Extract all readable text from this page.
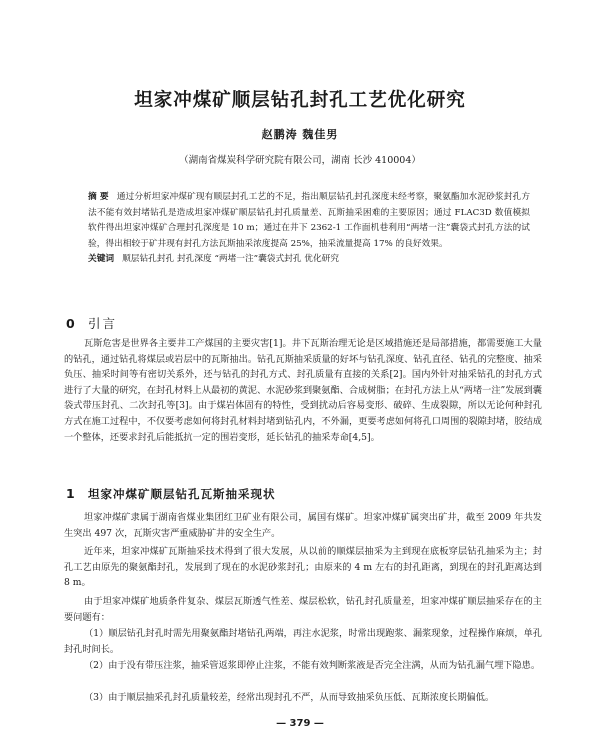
坦家冲煤矿顺层钻孔封孔工艺优化研究
赵鹏涛 魏佳男
（湖南省煤炭科学研究院有限公司，湖南 长沙 410004）
摘 要 通过分析坦家冲煤矿现有顺层封孔工艺的不足，指出顺层钻孔封孔深度未经考察，聚氨酯加水泥砂浆封孔方法不能有效封堵钻孔是造成坦家冲煤矿顺层钻孔封孔质量差、瓦斯抽采困难的主要原因；通过 FLAC3D 数值模拟软件得出坦家冲煤矿合理封孔深度是 10 m；通过在井下 2362-1 工作面机巷利用“两堵一注”囊袋式封孔方法的试验，得出相较于矿井现有封孔方法瓦斯抽采浓度提高 25%，抽采流量提高 17% 的良好效果。
关键词 顺层钻孔封孔 封孔深度 “两堵一注”囊袋式封孔 优化研究
0 引言
瓦斯危害是世界各主要井工产煤国的主要灾害[1]。井下瓦斯治理无论是区域措施还是局部措施，都需要施工大量的钻孔，通过钻孔将煤层或岩层中的瓦斯抽出。钻孔瓦斯抽采质量的好坏与钻孔深度、钻孔直径、钻孔的完整度、抽采负压、抽采时间等有密切关系外，还与钻孔的封孔方式、封孔质量有直接的关系[2]。国内外针对抽采钻孔的封孔方式进行了大量的研究，在封孔材料上从最初的黄泥、水泥砂浆到聚氨酯、合成树脂；在封孔方法上从“两堵一注”发展到囊袋式带压封孔、二次封孔等[3]。由于煤岩体固有的特性，受到扰动后容易变形、破碎、生成裂隙，所以无论何种封孔方式在施工过程中，不仅要考虑如何将封孔材料封堵到钻孔内，不外漏，更要考虑如何将孔口周围的裂隙封堵，胶结成一个整体，还要求封孔后能抵抗一定的围岩变形，延长钻孔的抽采寿命[4,5]。
1 坦家冲煤矿顺层钻孔瓦斯抽采现状
坦家冲煤矿隶属于湖南省煤业集团红卫矿业有限公司，属国有煤矿。坦家冲煤矿属突出矿井，截至 2009 年共发生突出 497 次，瓦斯灾害严重威胁矿井的安全生产。
近年来，坦家冲煤矿瓦斯抽采技术得到了很大发展，从以前的顺煤层抽采为主到现在底板穿层钻孔抽采为主；封孔工艺由原先的聚氨酯封孔，发展到了现在的水泥砂浆封孔；由原来的 4 m 左右的封孔距离，到现在的封孔距离达到 8 m。
由于坦家冲煤矿地质条件复杂、煤层瓦斯透气性差、煤层松软，钻孔封孔质量差，坦家冲煤矿顺层抽采存在的主要问题有：
（1）顺层钻孔封孔时需先用聚氨酯封堵钻孔两端，再注水泥浆，时常出现跑浆、漏浆现象，过程操作麻烦，单孔封孔时间长。
（2）由于没有带压注浆，抽采管返浆即停止注浆，不能有效判断浆液是否完全注满，从而为钻孔漏气埋下隐患。
（3）由于顺层抽采孔封孔质量较差，经常出现封孔不严，从而导致抽采负压低、瓦斯浓度长期偏低。
— 379 —
